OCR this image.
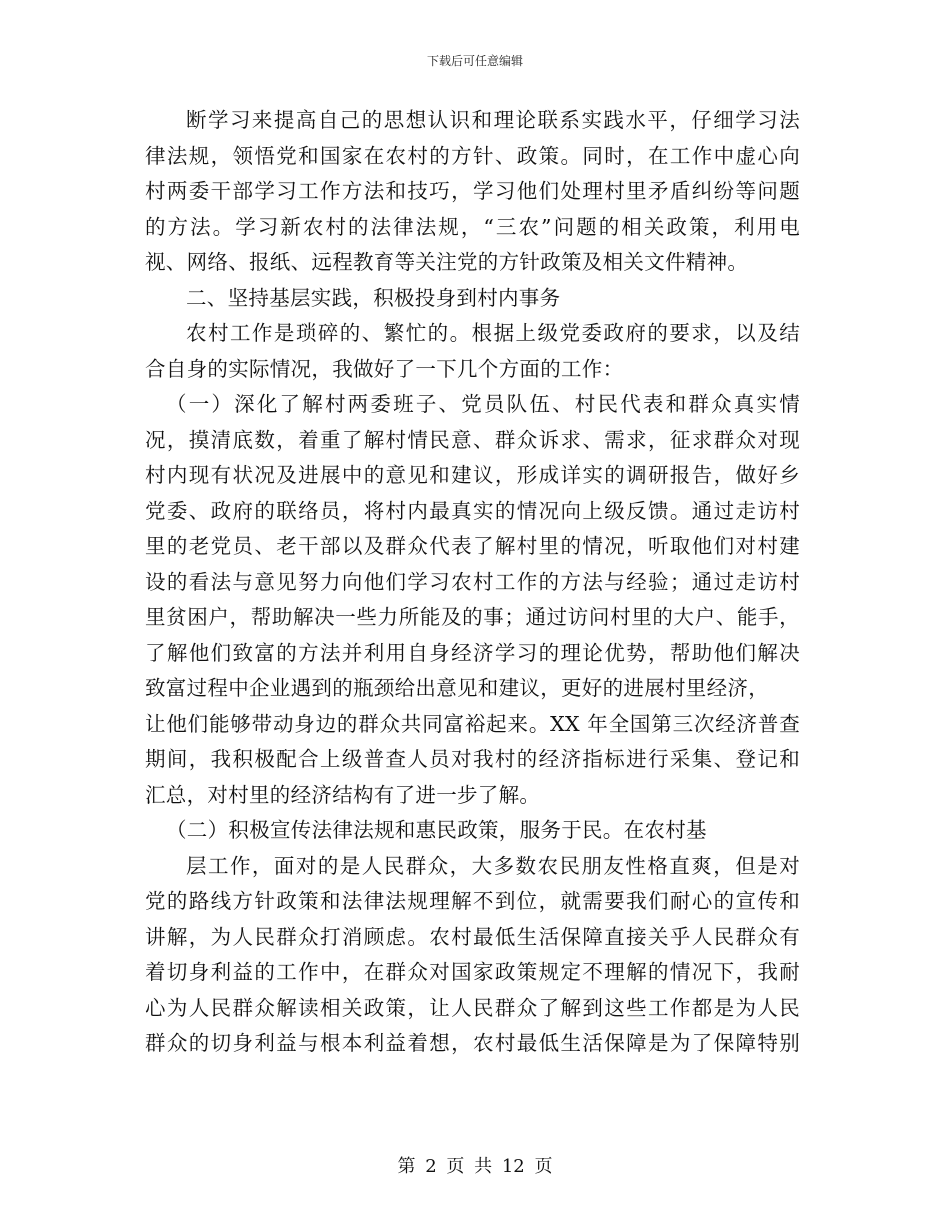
下载后可任意编辑
断学习来提高自己的思想认识和理论联系实践水平，仔细学习法
律法规，领悟党和国家在农村的方针、政策。同时，在工作中虚心向
村两委干部学习工作方法和技巧，学习他们处理村里矛盾纠纷等问题
的方法。学习新农村的法律法规，“三农”问题的相关政策，利用电
视、网络、报纸、远程教育等关注党的方针政策及相关文件精神。
二、坚持基层实践，积极投身到村内事务
农村工作是琐碎的、繁忙的。根据上级党委政府的要求，以及结
合自身的实际情况，我做好了一下几个方面的工作：
（一）深化了解村两委班子、党员队伍、村民代表和群众真实情
况，摸清底数，着重了解村情民意、群众诉求、需求，征求群众对现
村内现有状况及进展中的意见和建议，形成详实的调研报告，做好乡
党委、政府的联络员，将村内最真实的情况向上级反馈。通过走访村
里的老党员、老干部以及群众代表了解村里的情况，听取他们对村建
设的看法与意见努力向他们学习农村工作的方法与经验；通过走访村
里贫困户，帮助解决一些力所能及的事；通过访问村里的大户、能手，
了解他们致富的方法并利用自身经济学习的理论优势，帮助他们解决
致富过程中企业遇到的瓶颈给出意见和建议，更好的进展村里经济，
让他们能够带动身边的群众共同富裕起来。XX 年全国第三次经济普查
期间，我积极配合上级普查人员对我村的经济指标进行采集、登记和
汇总，对村里的经济结构有了进一步了解。
（二）积极宣传法律法规和惠民政策，服务于民。在农村基
层工作，面对的是人民群众，大多数农民朋友性格直爽，但是对
党的路线方针政策和法律法规理解不到位，就需要我们耐心的宣传和
讲解，为人民群众打消顾虑。农村最低生活保障直接关乎人民群众有
着切身利益的工作中，在群众对国家政策规定不理解的情况下，我耐
心为人民群众解读相关政策，让人民群众了解到这些工作都是为人民
群众的切身利益与根本利益着想，农村最低生活保障是为了保障特别
第 2 页 共 12 页
